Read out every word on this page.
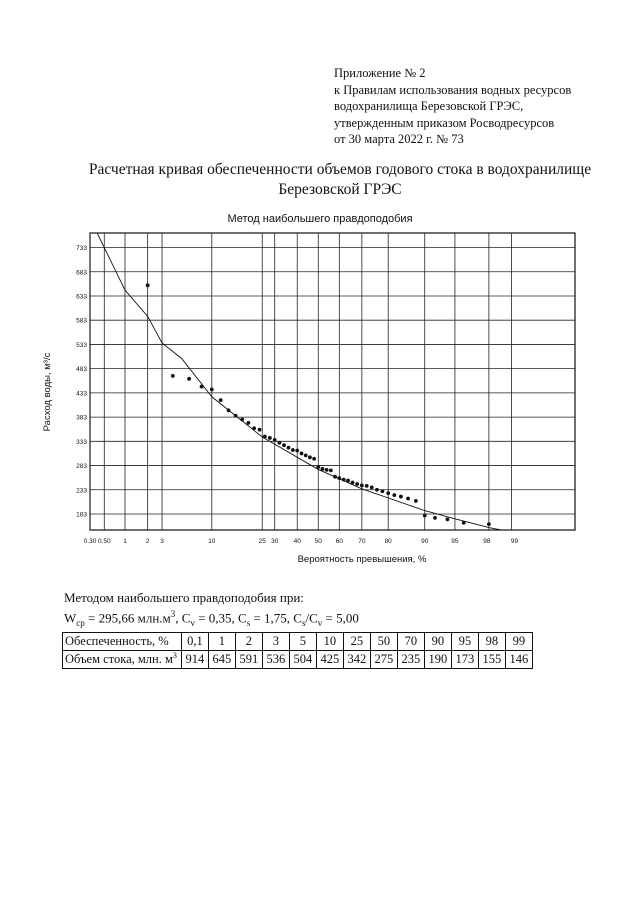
Приложение № 2
к Правилам использования водных ресурсов
водохранилища Березовской ГРЭС,
утвержденным приказом Росводресурсов
от 30 марта 2022 г. № 73
Расчетная кривая обеспеченности объемов годового стока в водохранилище
Березовской ГРЭС
Метод наибольшего правдоподобия
733
683
633
583
533
483
433
383
333
283
233
183
0.30 0.50 1	2 3	10	25 30 40 50 60 70	80	90	95	98	99
Вероятность превышения, %
Расход воды, м³/с
Методом наибольшего правдоподобия при:
$W_{ср} = 295,66$ $млн.м^3$, $C_v = 0,35$, $C_s = 1,75$, $C_s/C_v = 5,00$
Обеспеченность, %	0,1	1	2	3	5	10	25	50	70	90	95	98	99
Объем стока, млн. $м^3$	914	645	591	536	504	425	342	275	235	190	173	155	146
